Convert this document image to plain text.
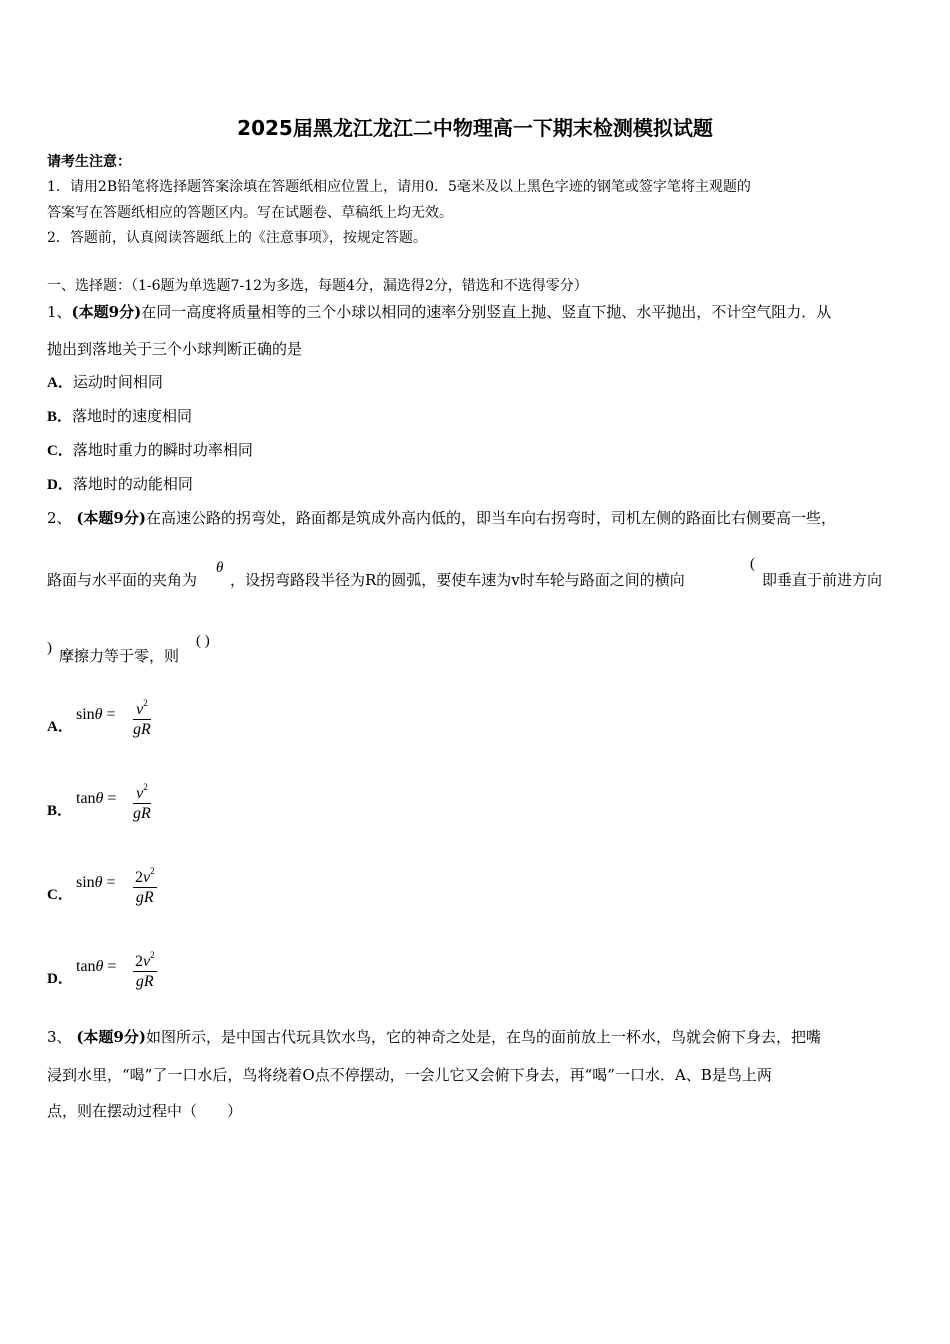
2025届黑龙江龙江二中物理高一下期末检测模拟试题
请考生注意：
1．请用2B铅笔将选择题答案涂填在答题纸相应位置上，请用0．5毫米及以上黑色字迹的钢笔或签字笔将主观题的
答案写在答题纸相应的答题区内。写在试题卷、草稿纸上均无效。
2．答题前，认真阅读答题纸上的《注意事项》，按规定答题。
一、选择题：（1-6题为单选题7-12为多选，每题4分，漏选得2分，错选和不选得零分）
1、(本题9分)在同一高度将质量相等的三个小球以相同的速率分别竖直上抛、竖直下抛、水平抛出，不计空气阻力．从
抛出到落地关于三个小球判断正确的是
A．运动时间相同
B．落地时的速度相同
C．落地时重力的瞬时功率相同
D．落地时的动能相同
2、 (本题9分)在高速公路的拐弯处，路面都是筑成外高内低的，即当车向右拐弯时，司机左侧的路面比右侧要高一些，
路面与水平面的夹角为
θ
，设拐弯路段半径为R的圆弧，要使车速为v时车轮与路面之间的横向
(
即垂直于前进方向
) 摩擦力等于零，则
( )
A．
$\sin\theta = \frac{v^2}{gR}$
B．
$\tan\theta = \frac{v^2}{gR}$
C．
$\sin\theta = \frac{2v^2}{gR}$
D．
$\tan\theta = \frac{2v^2}{gR}$
3、 (本题9分)如图所示，是中国古代玩具饮水鸟，它的神奇之处是，在鸟的面前放上一杯水，鸟就会俯下身去，把嘴
浸到水里，“喝”了一口水后，鸟将绕着O点不停摆动，一会儿它又会俯下身去，再“喝”一口水．A、B是鸟上两
点，则在摆动过程中（　　）
